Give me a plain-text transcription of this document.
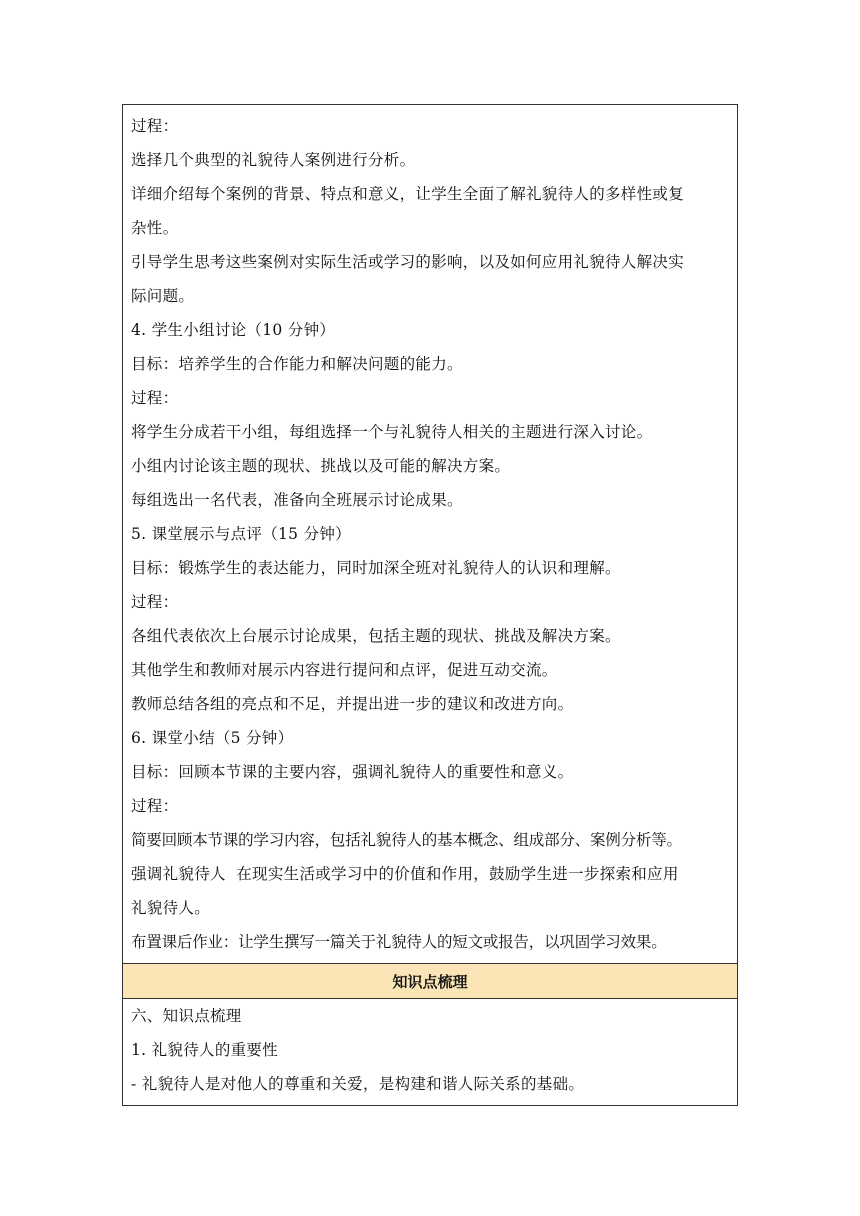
过程：
选择几个典型的礼貌待人案例进行分析。
详细介绍每个案例的背景、特点和意义，让学生全面了解礼貌待人的多样性或复
杂性。
引导学生思考这些案例对实际生活或学习的影响，以及如何应用礼貌待人解决实
际问题。
4. 学生小组讨论（10 分钟）
目标：培养学生的合作能力和解决问题的能力。
过程：
将学生分成若干小组，每组选择一个与礼貌待人相关的主题进行深入讨论。
小组内讨论该主题的现状、挑战以及可能的解决方案。
每组选出一名代表，准备向全班展示讨论成果。
5. 课堂展示与点评（15 分钟）
目标：锻炼学生的表达能力，同时加深全班对礼貌待人的认识和理解。
过程：
各组代表依次上台展示讨论成果，包括主题的现状、挑战及解决方案。
其他学生和教师对展示内容进行提问和点评，促进互动交流。
教师总结各组的亮点和不足，并提出进一步的建议和改进方向。
6. 课堂小结（5 分钟）
目标：回顾本节课的主要内容，强调礼貌待人的重要性和意义。
过程：
简要回顾本节课的学习内容，包括礼貌待人的基本概念、组成部分、案例分析等。
强调礼貌待人  在现实生活或学习中的价值和作用，鼓励学生进一步探索和应用
礼貌待人。
布置课后作业：让学生撰写一篇关于礼貌待人的短文或报告，以巩固学习效果。
知识点梳理
六、知识点梳理
1. 礼貌待人的重要性
- 礼貌待人是对他人的尊重和关爱，是构建和谐人际关系的基础。
